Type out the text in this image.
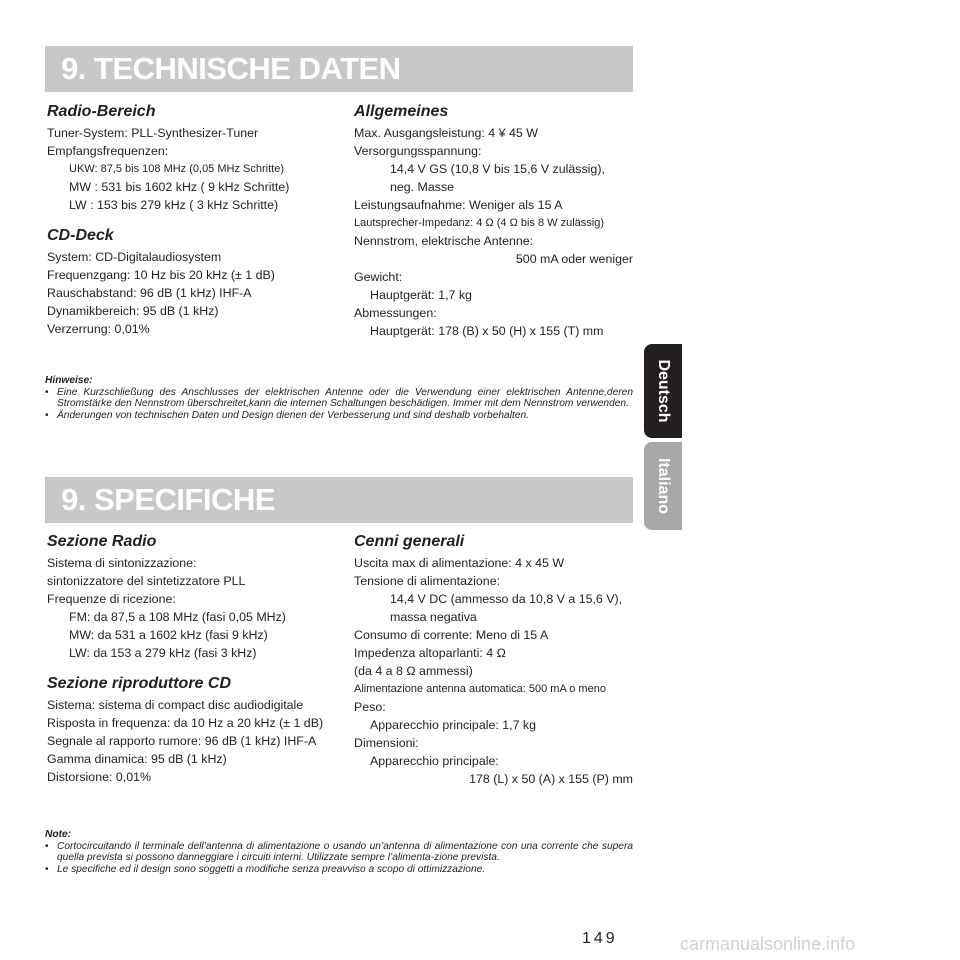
9. TECHNISCHE DATEN
Radio-Bereich
Tuner-System: PLL-Synthesizer-Tuner
Empfangsfrequenzen:
UKW: 87,5 bis 108 MHz (0,05 MHz Schritte)
MW : 531 bis 1602 kHz ( 9 kHz Schritte)
LW : 153 bis 279 kHz ( 3 kHz Schritte)
CD-Deck
System: CD-Digitalaudiosystem
Frequenzgang: 10 Hz bis 20 kHz (± 1 dB)
Rauschabstand: 96 dB (1 kHz) IHF-A
Dynamikbereich: 95 dB (1 kHz)
Verzerrung: 0,01%
Allgemeines
Max. Ausgangsleistung: 4 ¥ 45 W
Versorgungsspannung:
14,4 V GS (10,8 V bis 15,6 V zulässig),
neg. Masse
Leistungsaufnahme: Weniger als 15 A
Lautsprecher-Impedanz: 4 Ω (4 Ω bis 8 W zulässig)
Nennstrom, elektrische Antenne:
500 mA oder weniger
Gewicht:
Hauptgerät: 1,7 kg
Abmessungen:
Hauptgerät: 178 (B) x 50 (H) x 155 (T) mm
Hinweise:
• Eine Kurzschließung des Anschlusses der elektrischen Antenne oder die Verwendung einer elektrischen Antenne,deren Stromstärke den Nennstrom überschreitet,kann die internen Schaltungen beschädigen. Immer mit dem Nennstrom verwenden.
• Änderungen von technischen Daten und Design dienen der Verbesserung und sind deshalb vorbehalten.
9. SPECIFICHE
Sezione Radio
Sistema di sintonizzazione:
sintonizzatore del sintetizzatore PLL
Frequenze di ricezione:
FM: da 87,5 a 108 MHz (fasi 0,05 MHz)
MW: da 531 a 1602 kHz (fasi 9 kHz)
LW: da 153 a 279 kHz (fasi 3 kHz)
Sezione riproduttore CD
Sistema: sistema di compact disc audiodigitale
Risposta in frequenza: da 10 Hz a 20 kHz (± 1 dB)
Segnale al rapporto rumore: 96 dB (1 kHz) IHF-A
Gamma dinamica: 95 dB (1 kHz)
Distorsione: 0,01%
Cenni generali
Uscita max di alimentazione: 4 x 45 W
Tensione di alimentazione:
14,4 V DC (ammesso da 10,8 V a 15,6 V),
massa negativa
Consumo di corrente: Meno di 15 A
Impedenza altoparlanti: 4 Ω
(da 4 a 8 Ω ammessi)
Alimentazione antenna automatica: 500 mA o meno
Peso:
Apparecchio principale: 1,7 kg
Dimensioni:
Apparecchio principale:
178 (L) x 50 (A) x 155 (P) mm
Note:
• Cortocircuitando il terminale dell’antenna di alimentazione o usando un’antenna di alimentazione con una corrente che supera quella prevista si possono danneggiare i circuiti interni. Utilizzate sempre l’alimenta-zione prevista.
• Le specifiche ed il design sono soggetti a modifiche senza preavviso a scopo di ottimizzazione.
Deutsch
Italiano
149	carmanualsonline.info
